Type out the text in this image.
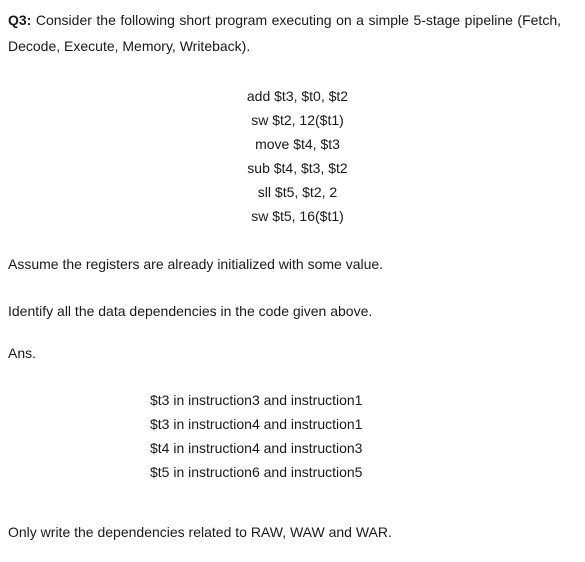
Q3: Consider the following short program executing on a simple 5-stage pipeline (Fetch, Decode, Execute, Memory, Writeback).
add $t3, $t0, $t2
sw $t2, 12($t1)
move $t4, $t3
sub $t4, $t3, $t2
sll $t5, $t2, 2
sw $t5, 16($t1)
Assume the registers are already initialized with some value.
Identify all the data dependencies in the code given above.
Ans.
$t3 in instruction3 and instruction1
$t3 in instruction4 and instruction1
$t4 in instruction4 and instruction3
$t5 in instruction6 and instruction5
Only write the dependencies related to RAW, WAW and WAR.
